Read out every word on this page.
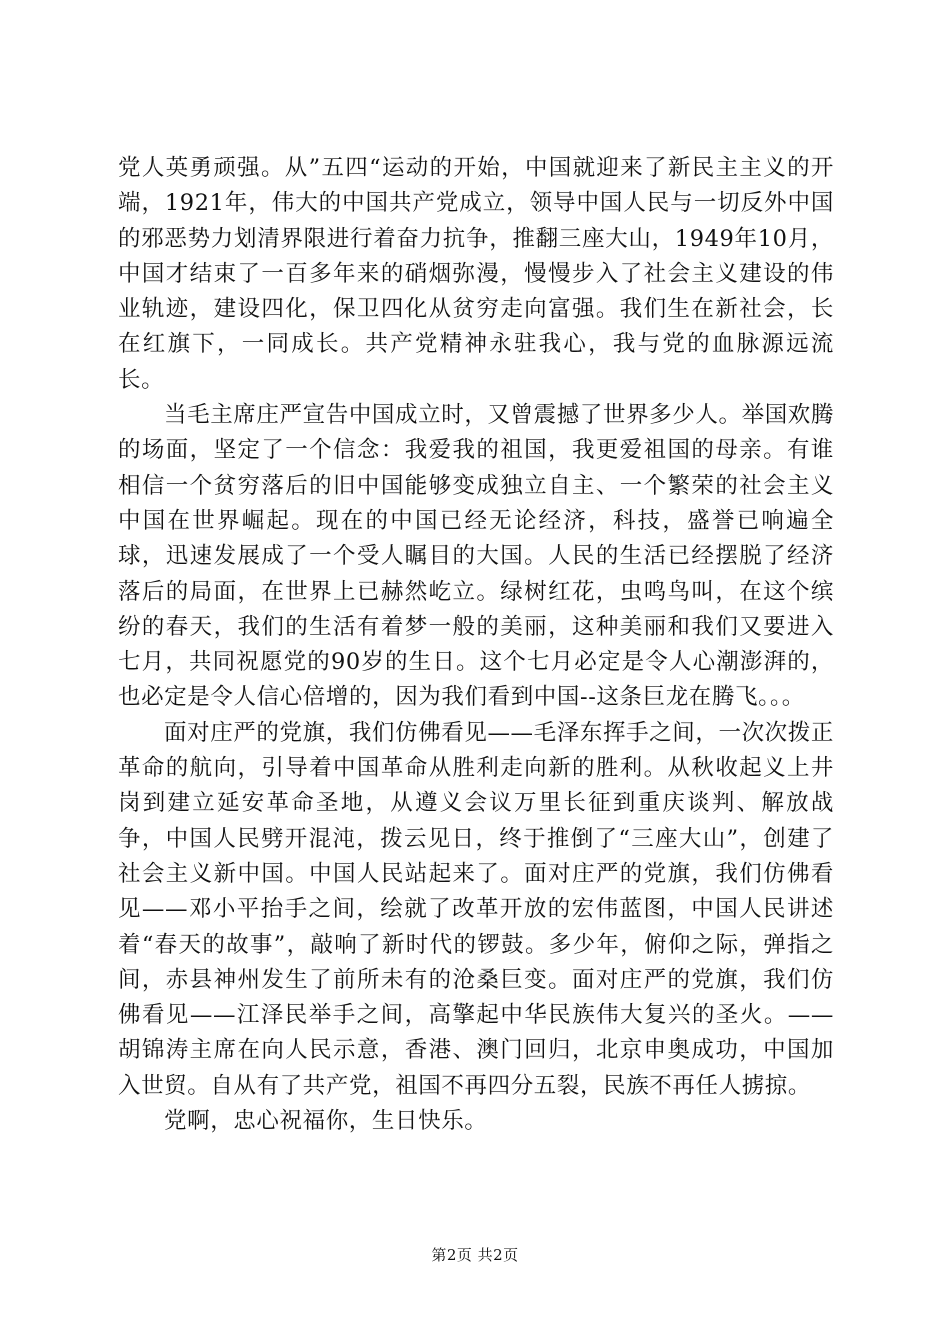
党人英勇顽强。从”五四“运动的开始，中国就迎来了新民主主义的开端，1921年，伟大的中国共产党成立，领导中国人民与一切反外中国的邪恶势力划清界限进行着奋力抗争，推翻三座大山，1949年10月，中国才结束了一百多年来的硝烟弥漫，慢慢步入了社会主义建设的伟业轨迹，建设四化，保卫四化从贫穷走向富强。我们生在新社会，长在红旗下，一同成长。共产党精神永驻我心，我与党的血脉源远流长。

当毛主席庄严宣告中国成立时，又曾震撼了世界多少人。举国欢腾的场面，坚定了一个信念：我爱我的祖国，我更爱祖国的母亲。有谁相信一个贫穷落后的旧中国能够变成独立自主、一个繁荣的社会主义中国在世界崛起。现在的中国已经无论经济，科技，盛誉已响遍全球，迅速发展成了一个受人瞩目的大国。人民的生活已经摆脱了经济落后的局面，在世界上已赫然屹立。绿树红花，虫鸣鸟叫，在这个缤纷的春天，我们的生活有着梦一般的美丽，这种美丽和我们又要进入七月，共同祝愿党的90岁的生日。这个七月必定是令人心潮澎湃的，也必定是令人信心倍增的，因为我们看到中国--这条巨龙在腾飞。。。

面对庄严的党旗，我们仿佛看见——毛泽东挥手之间，一次次拨正革命的航向，引导着中国革命从胜利走向新的胜利。从秋收起义上井岗到建立延安革命圣地，从遵义会议万里长征到重庆谈判、解放战争，中国人民劈开混沌，拨云见日，终于推倒了“三座大山”，创建了社会主义新中国。中国人民站起来了。面对庄严的党旗，我们仿佛看见——邓小平抬手之间，绘就了改革开放的宏伟蓝图，中国人民讲述着“春天的故事”，敲响了新时代的锣鼓。多少年，俯仰之际，弹指之间，赤县神州发生了前所未有的沧桑巨变。面对庄严的党旗，我们仿佛看见——江泽民举手之间，高擎起中华民族伟大复兴的圣火。——胡锦涛主席在向人民示意，香港、澳门回归，北京申奥成功，中国加入世贸。自从有了共产党，祖国不再四分五裂，民族不再任人掳掠。

党啊，忠心祝福你，生日快乐。

第2页 共2页
